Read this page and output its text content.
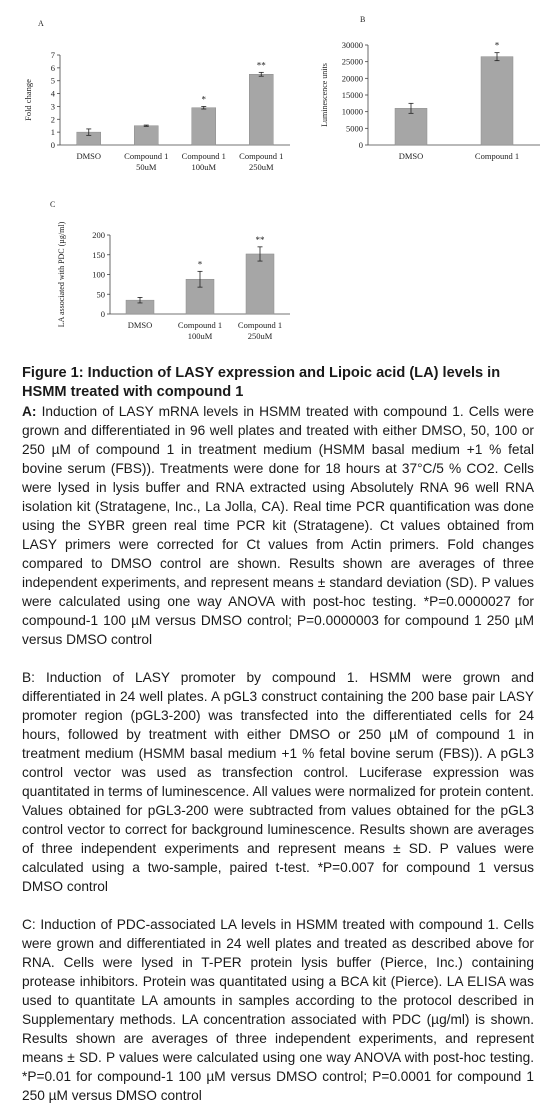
A
0
1
2
3
4
5
6
7
Fold change
DMSO	Compound 1
50uM
*
Compound 1
100uM
**
Compound 1
250uM
B
0
5000
10000
15000
20000
25000
30000
Luminescence units
DMSO
*
Compound 1
C
0
50
100
150
200
LA associated with PDC (µg/ml)	DMSO
*
Compound 1
100uM
**
Compound 1
250uM

Figure 1: Induction of LASY expression and Lipoic acid (LA) levels in HSMM treated with compound 1

A: Induction of LASY mRNA levels in HSMM treated with compound 1. Cells were grown and differentiated in 96 well plates and treated with either DMSO, 50, 100 or 250 µM of compound 1 in treatment medium (HSMM basal medium +1 % fetal bovine serum (FBS)). Treatments were done for 18 hours at 37°C/5 % CO2. Cells were lysed in lysis buffer and RNA extracted using Absolutely RNA 96 well RNA isolation kit (Stratagene, Inc., La Jolla, CA). Real time PCR quantification was done using the SYBR green real time PCR kit (Stratagene). Ct values obtained from LASY primers were corrected for Ct values from Actin primers. Fold changes compared to DMSO control are shown. Results shown are averages of three independent experiments, and represent means ± standard deviation (SD). P values were calculated using one way ANOVA with post-hoc testing. *P=0.0000027 for compound-1 100 µM versus DMSO control; P=0.0000003 for compound 1 250 µM versus DMSO control

B: Induction of LASY promoter by compound 1. HSMM were grown and differentiated in 24 well plates. A pGL3 construct containing the 200 base pair LASY promoter region (pGL3-200) was transfected into the differentiated cells for 24 hours, followed by treatment with either DMSO or 250 µM of compound 1 in treatment medium (HSMM basal medium +1 % fetal bovine serum (FBS)). A pGL3 control vector was used as transfection control. Luciferase expression was quantitated in terms of luminescence. All values were normalized for protein content. Values obtained for pGL3-200 were subtracted from values obtained for the pGL3 control vector to correct for background luminescence. Results shown are averages of three independent experiments and represent means ± SD. P values were calculated using a two-sample, paired t-test. *P=0.007 for compound 1 versus DMSO control

C: Induction of PDC-associated LA levels in HSMM treated with compound 1. Cells were grown and differentiated in 24 well plates and treated as described above for RNA. Cells were lysed in T-PER protein lysis buffer (Pierce, Inc.) containing protease inhibitors. Protein was quantitated using a BCA kit (Pierce). LA ELISA was used to quantitate LA amounts in samples according to the protocol described in Supplementary methods. LA concentration associated with PDC (µg/ml) is shown. Results shown are averages of three independent experiments, and represent means ± SD. P values were calculated using one way ANOVA with post-hoc testing. *P=0.01 for compound-1 100 µM versus DMSO control; P=0.0001 for compound 1 250 µM versus DMSO control
